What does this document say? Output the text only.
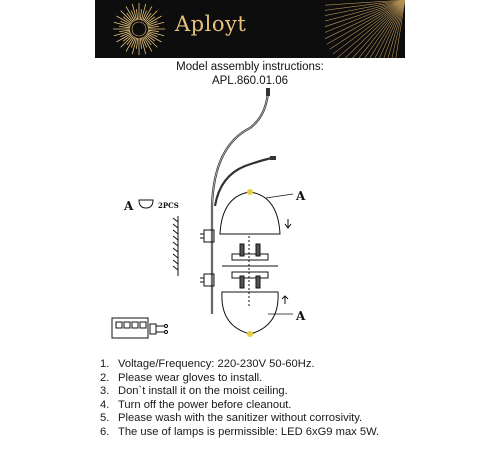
Aployt
Model assembly instructions:
APL.860.01.06
A	2PCS
A
A
1. Voltage/Frequency: 220-230V 50-60Hz.
2. Please wear gloves to install.
3. Don`t install it on the moist ceiling.
4. Turn off the power before cleanout.
5. Please wash with the sanitizer without corrosivity.
6. The use of lamps is permissible: LED 6xG9 max 5W.
